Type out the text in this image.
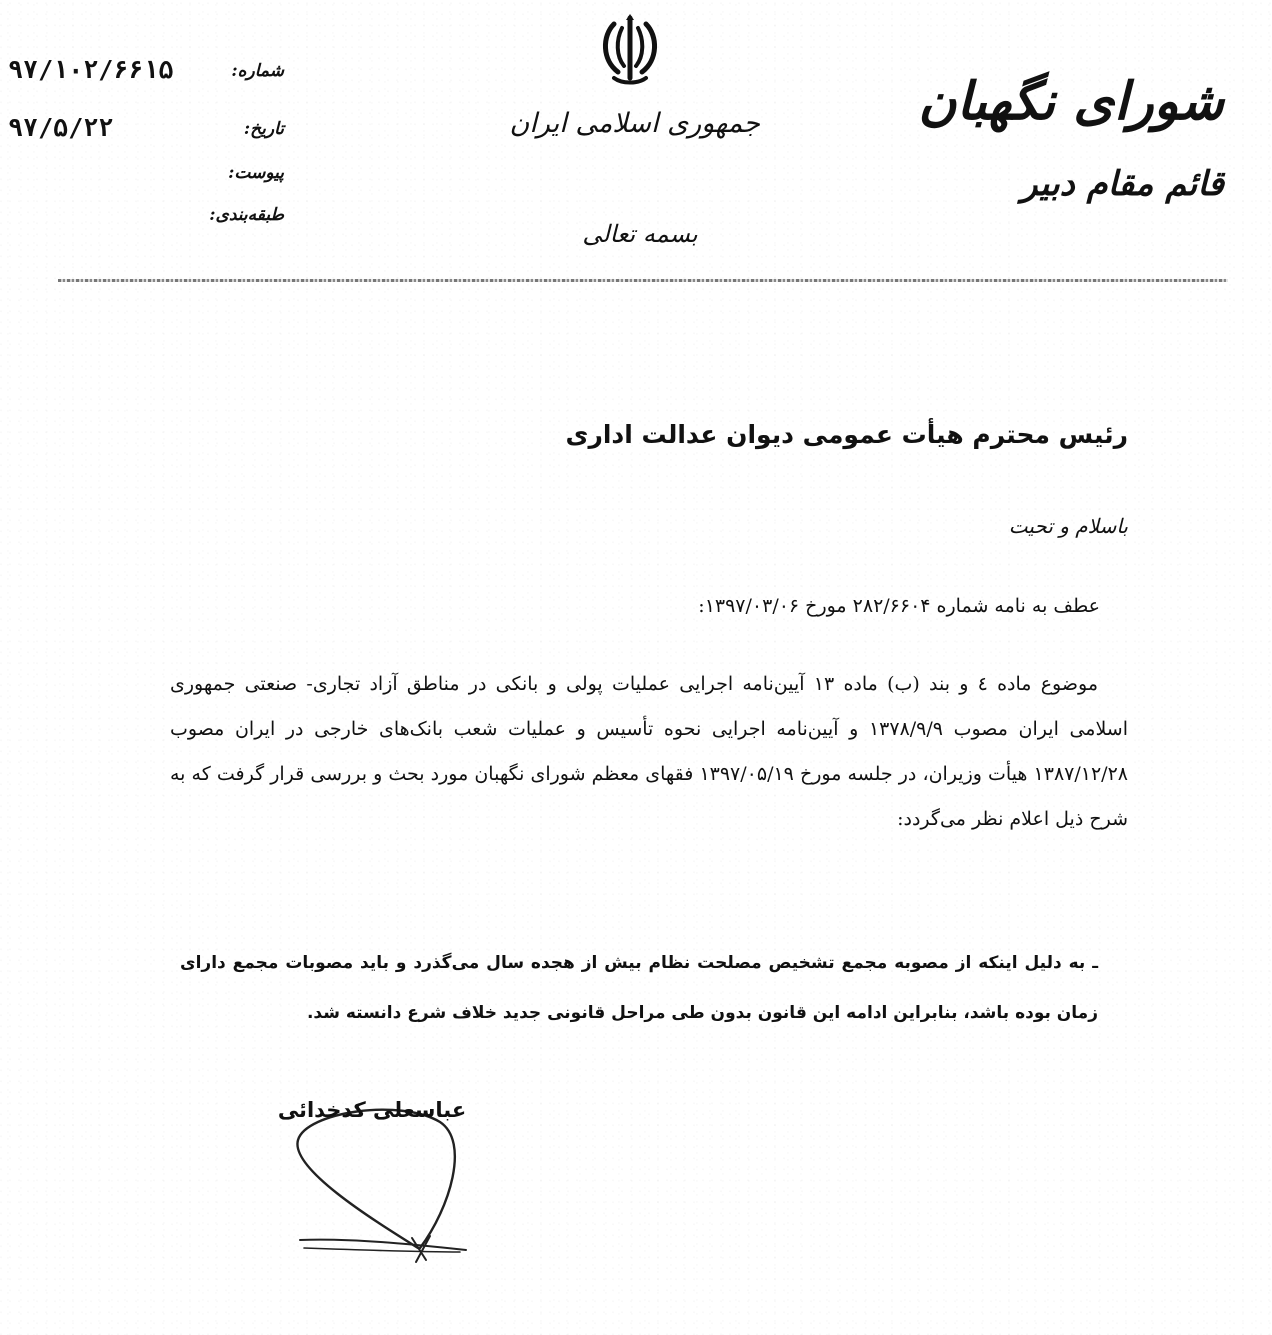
شورای نگهبان
قائم مقام دبیر
جمهوری اسلامی ایران
بسمه تعالی
شماره:
۹۷/۱۰۲/۶۶۱۵
تاریخ:
۹۷/۵/۲۲
پیوست:
طبقه‌بندی:
رئیس محترم هیأت عمومی دیوان عدالت اداری
باسلام و تحیت
عطف به نامه شماره ۲۸۲/۶۶۰۴ مورخ ۱۳۹۷/۰۳/۰۶:

موضوع ماده ٤ و بند (ب) ماده ۱۳ آیین‌نامه اجرایی عملیات پولی و بانکی در مناطق آزاد تجاری- صنعتی جمهوری اسلامی ایران مصوب ۱۳۷۸/۹/۹ و آیین‌نامه اجرایی نحوه تأسیس و عملیات شعب بانک‌های خارجی در ایران مصوب ۱۳۸۷/۱۲/۲۸ هیأت وزیران، در جلسه مورخ ۱۳۹۷/۰۵/۱۹ فقهای معظم شورای نگهبان مورد بحث و بررسی قرار گرفت که به شرح ذیل اعلام نظر می‌گردد:

ـ به دلیل اینکه از مصوبه مجمع تشخیص مصلحت نظام بیش از هجده سال می‌گذرد و باید مصوبات مجمع دارای زمان بوده باشد، بنابراین ادامه این قانون بدون طی مراحل قانونی جدید خلاف شرع دانسته شد.

عباسعلی کدخدائی
